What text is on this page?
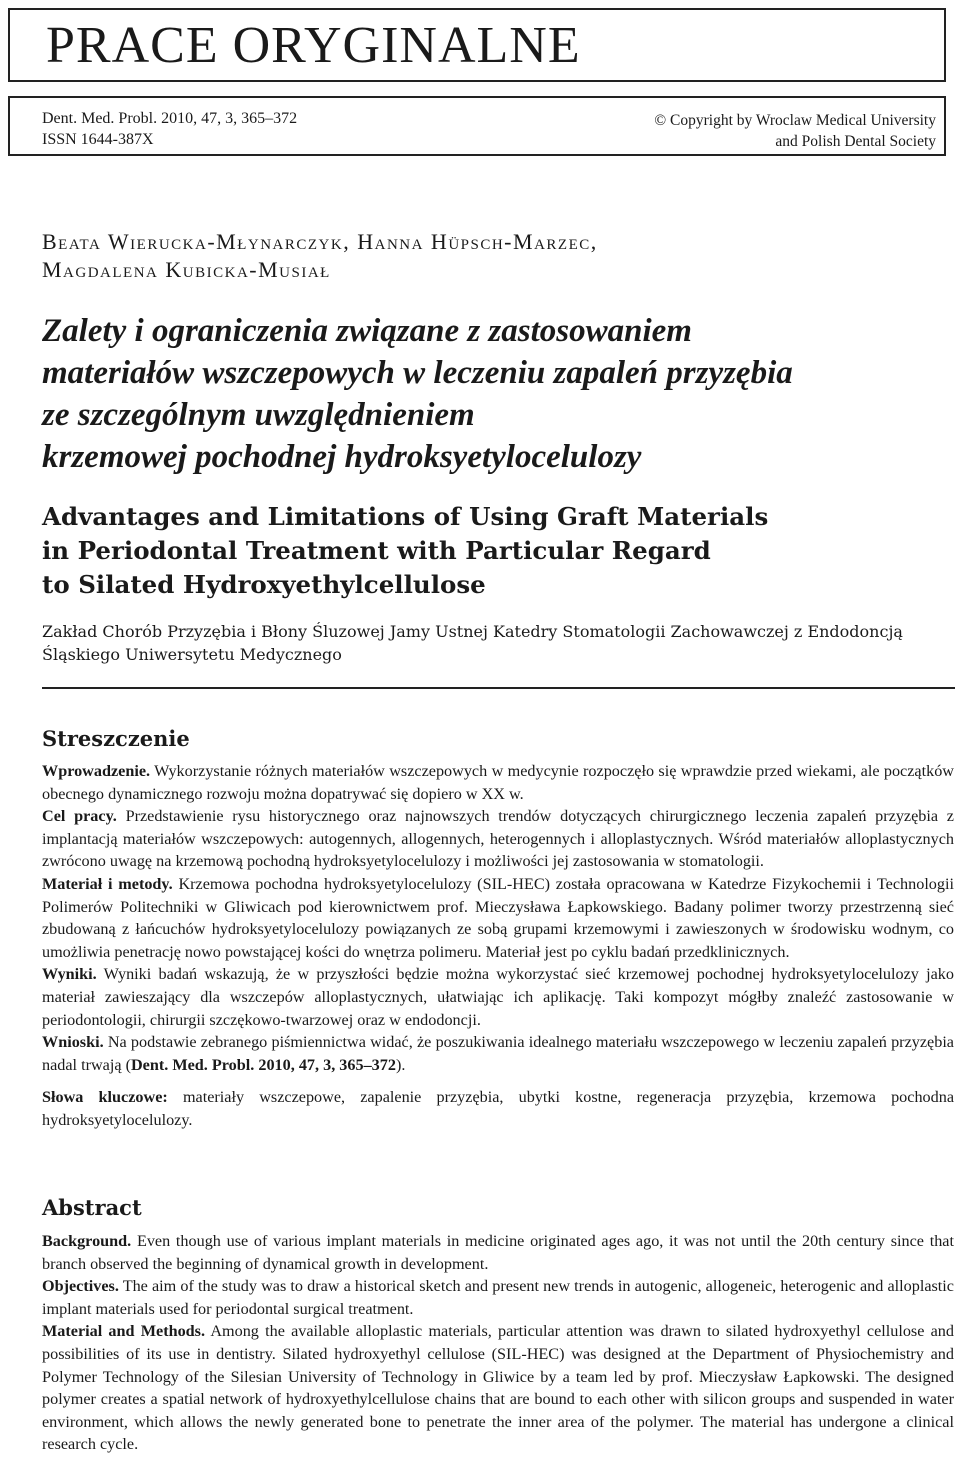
PRACE ORYGINALNE
Dent. Med. Probl. 2010, 47, 3, 365–372
ISSN 1644-387X
© Copyright by Wroclaw Medical University
and Polish Dental Society
Beata Wierucka-Młynarczyk, Hanna Hüpsch-Marzec,
Magdalena Kubicka-Musiał
Zalety i ograniczenia związane z zastosowaniem
materiałów wszczepowych w leczeniu zapaleń przyzębia
ze szczególnym uwzględnieniem
krzemowej pochodnej hydroksyetylocelulozy
Advantages and Limitations of Using Graft Materials
in Periodontal Treatment with Particular Regard
to Silated Hydroxyethylcellulose
Zakład Chorób Przyzębia i Błony Śluzowej Jamy Ustnej Katedry Stomatologii Zachowawczej z Endodoncją
Śląskiego Uniwersytetu Medycznego
Streszczenie

Wprowadzenie. Wykorzystanie różnych materiałów wszczepowych w medycynie rozpoczęło się wprawdzie przed wiekami, ale początków obecnego dynamicznego rozwoju można dopatrywać się dopiero w XX w.

Cel pracy. Przedstawienie rysu historycznego oraz najnowszych trendów dotyczących chirurgicznego leczenia zapaleń przyzębia z implantacją materiałów wszczepowych: autogennych, allogennych, heterogennych i alloplastycznych. Wśród materiałów alloplastycznych zwrócono uwagę na krzemową pochodną hydroksyetylocelulozy i możliwości jej zastosowania w stomatologii.

Materiał i metody. Krzemowa pochodna hydroksyetylocelulozy (SIL-HEC) została opracowana w Katedrze Fizykochemii i Technologii Polimerów Politechniki w Gliwicach pod kierownictwem prof. Mieczysława Łapkowskiego. Badany polimer tworzy przestrzenną sieć zbudowaną z łańcuchów hydroksyetylocelulozy powiązanych ze sobą grupami krzemowymi i zawieszonych w środowisku wodnym, co umożliwia penetrację nowo powstającej kości do wnętrza polimeru. Materiał jest po cyklu badań przedklinicznych.

Wyniki. Wyniki badań wskazują, że w przyszłości będzie można wykorzystać sieć krzemowej pochodnej hydroksyetylocelulozy jako materiał zawieszający dla wszczepów alloplastycznych, ułatwiając ich aplikację. Taki kompozyt mógłby znaleźć zastosowanie w periodontologii, chirurgii szczękowo-twarzowej oraz w endodoncji.

Wnioski. Na podstawie zebranego piśmiennictwa widać, że poszukiwania idealnego materiału wszczepowego w leczeniu zapaleń przyzębia nadal trwają (Dent. Med. Probl. 2010, 47, 3, 365–372).

Słowa kluczowe: materiały wszczepowe, zapalenie przyzębia, ubytki kostne, regeneracja przyzębia, krzemowa pochodna hydroksyetylocelulozy.

Abstract

Background. Even though use of various implant materials in medicine originated ages ago, it was not until the 20th century since that branch observed the beginning of dynamical growth in development.

Objectives. The aim of the study was to draw a historical sketch and present new trends in autogenic, allogeneic, heterogenic and alloplastic implant materials used for periodontal surgical treatment.

Material and Methods. Among the available alloplastic materials, particular attention was drawn to silated hydroxyethyl cellulose and possibilities of its use in dentistry. Silated hydroxyethyl cellulose (SIL-HEC) was designed at the Department of Physiochemistry and Polymer Technology of the Silesian University of Technology in Gliwice by a team led by prof. Mieczysław Łapkowski. The designed polymer creates a spatial network of hydroxyethylcellulose chains that are bound to each other with silicon groups and suspended in water environment, which allows the newly generated bone to penetrate the inner area of the polymer. The material has undergone a clinical research cycle.
